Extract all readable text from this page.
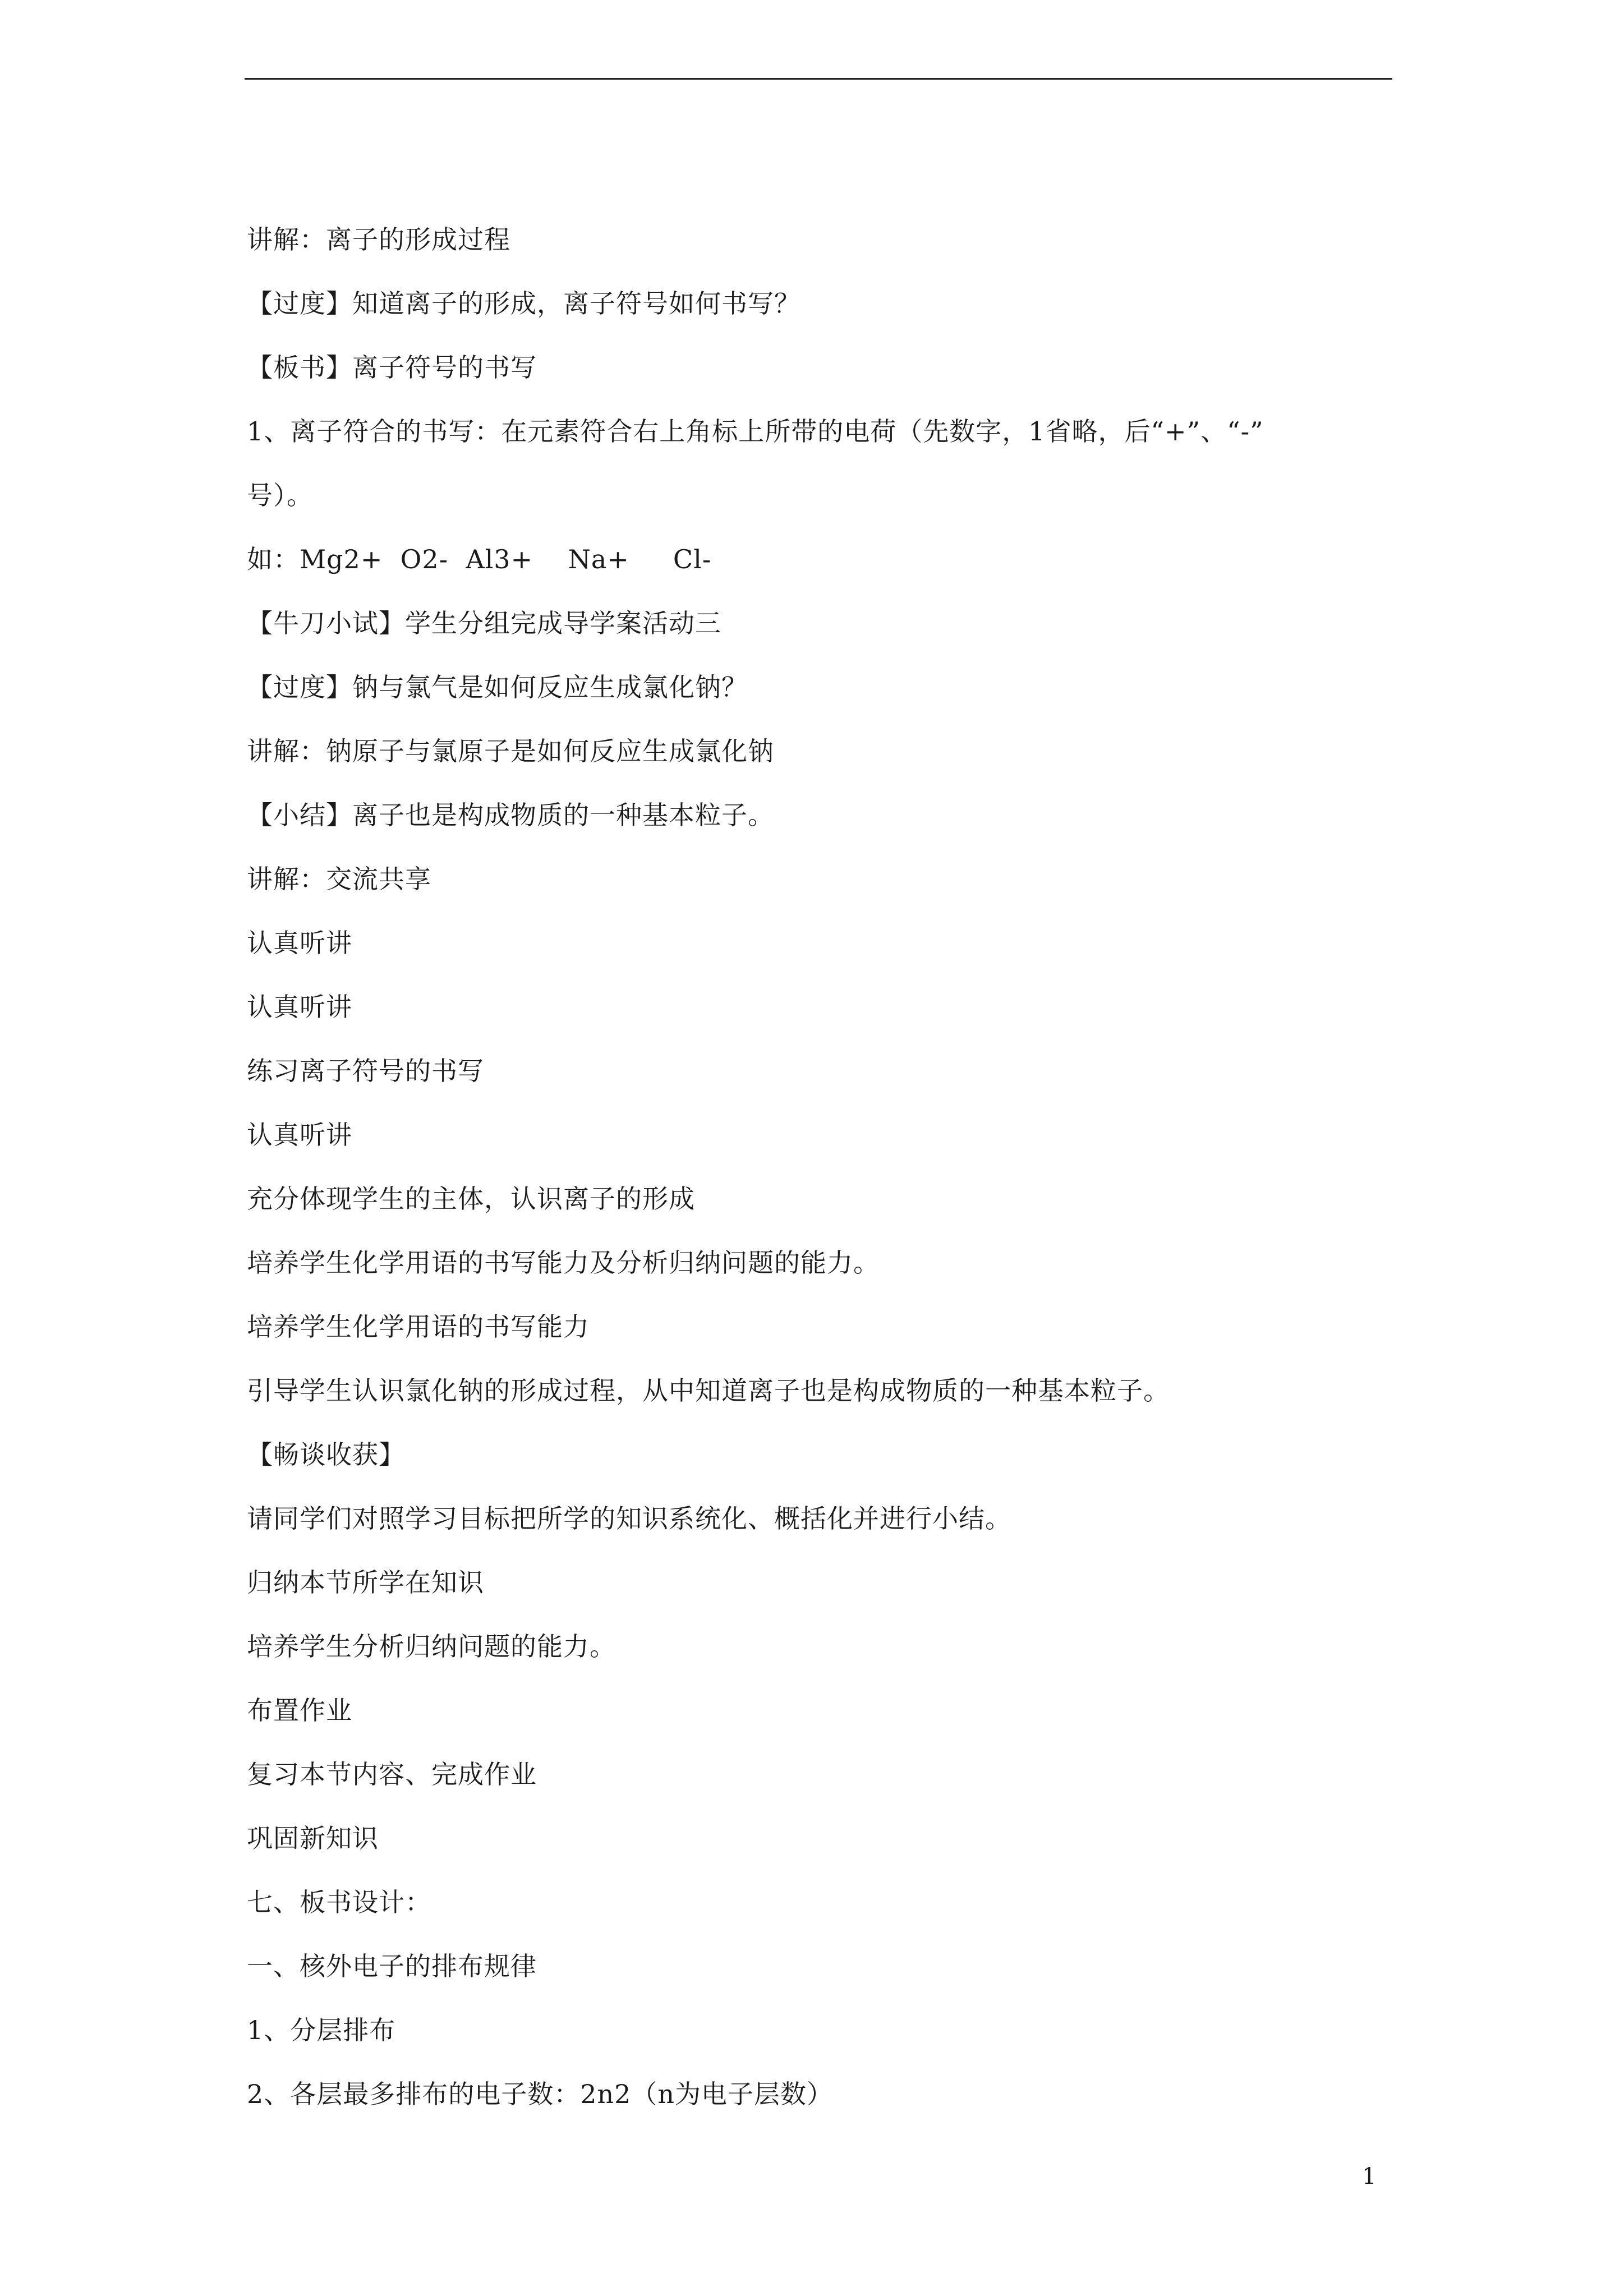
讲解：离子的形成过程
【过度】知道离子的形成，离子符号如何书写？
【板书】离子符号的书写
1、离子符合的书写：在元素符合右上角标上所带的电荷（先数字，1省略，后“+”、“-”
号）。
如：Mg2+  O2-  Al3+    Na+     Cl-
【牛刀小试】学生分组完成导学案活动三
【过度】钠与氯气是如何反应生成氯化钠？
讲解：钠原子与氯原子是如何反应生成氯化钠
【小结】离子也是构成物质的一种基本粒子。
讲解：交流共享
认真听讲
认真听讲
练习离子符号的书写
认真听讲
充分体现学生的主体，认识离子的形成
培养学生化学用语的书写能力及分析归纳问题的能力。
培养学生化学用语的书写能力
引导学生认识氯化钠的形成过程，从中知道离子也是构成物质的一种基本粒子。
【畅谈收获】
请同学们对照学习目标把所学的知识系统化、概括化并进行小结。
归纳本节所学在知识
培养学生分析归纳问题的能力。
布置作业
复习本节内容、完成作业
巩固新知识
七、板书设计：
一、核外电子的排布规律
1、分层排布
2、各层最多排布的电子数：2n2（n为电子层数）
1
